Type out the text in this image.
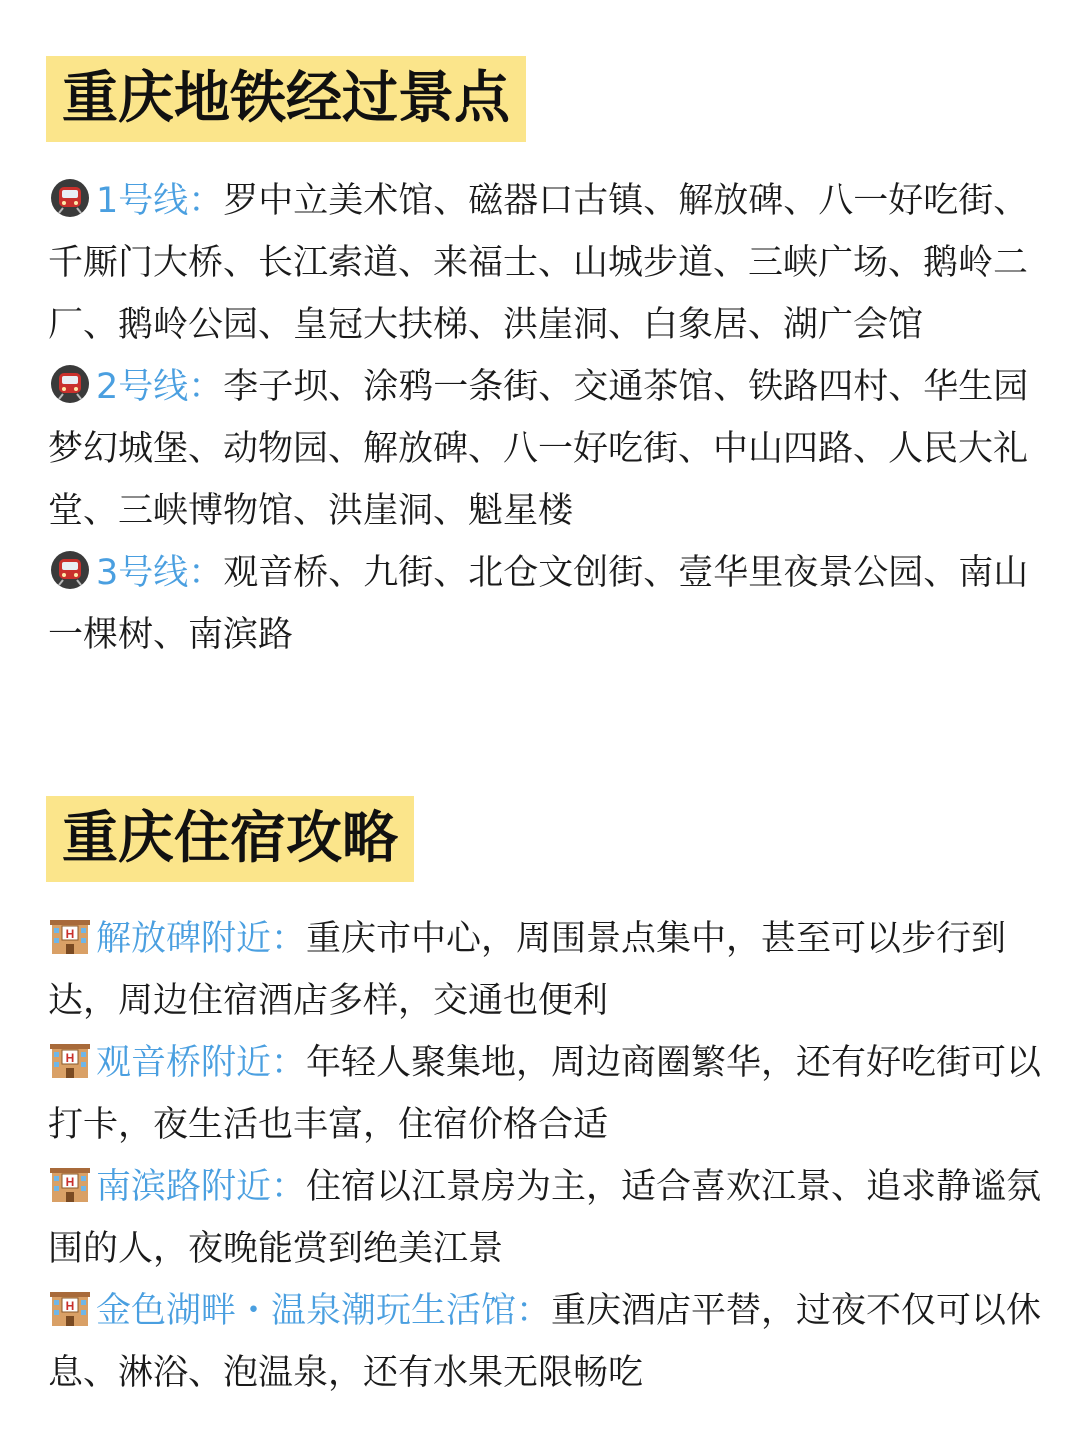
重庆地铁经过景点

1号线：罗中立美术馆、磁器口古镇、解放碑、八一好吃街、千厮门大桥、长江索道、来福士、山城步道、三峡广场、鹅岭二厂、鹅岭公园、皇冠大扶梯、洪崖洞、白象居、湖广会馆

2号线：李子坝、涂鸦一条街、交通茶馆、铁路四村、华生园梦幻城堡、动物园、解放碑、八一好吃街、中山四路、人民大礼堂、三峡博物馆、洪崖洞、魁星楼

3号线：观音桥、九街、北仓文创街、壹华里夜景公园、南山一棵树、南滨路

重庆住宿攻略

H 解放碑附近：重庆市中心，周围景点集中，甚至可以步行到达，周边住宿酒店多样，交通也便利

H 观音桥附近：年轻人聚集地，周边商圈繁华，还有好吃街可以打卡，夜生活也丰富，住宿价格合适

H 南滨路附近：住宿以江景房为主，适合喜欢江景、追求静谧氛围的人，夜晚能赏到绝美江景

H 金色湖畔・温泉潮玩生活馆：重庆酒店平替，过夜不仅可以休息、淋浴、泡温泉，还有水果无限畅吃
